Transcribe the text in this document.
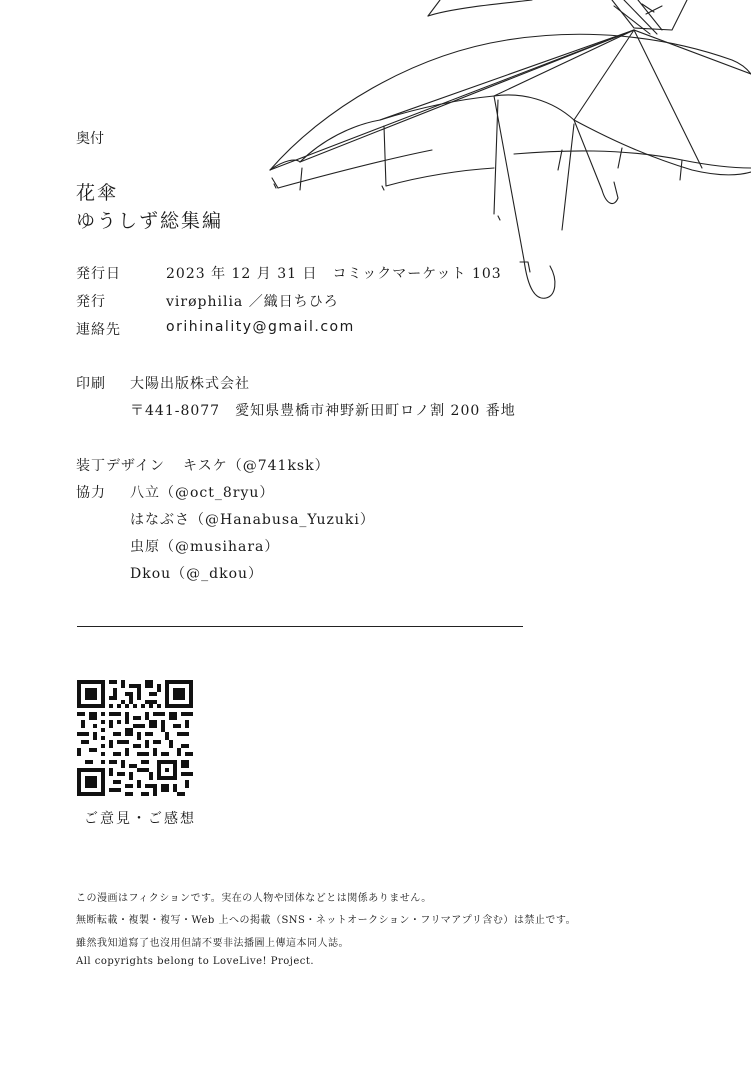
奥付
花傘
ゆうしず総集編
発行日	2023 年 12 月 31 日　コミックマーケット 103
発行	virøphilia ／織日ちひろ
連絡先	orihinality@gmail.com
印刷 大陽出版株式会社
〒441-8077　愛知県豊橋市神野新田町ロノ割 200 番地
装丁デザイン キスケ（@741ksk）
協力 八立（@oct_8ryu）
はなぶさ（@Hanabusa_Yuzuki）
虫原（@musihara）
Dkou（@_dkou）
ご意見・ご感想
この漫画はフィクションです。実在の人物や団体などとは関係ありません。
無断転載・複製・複写・Web 上への掲載（SNS・ネットオークション・フリマアプリ含む）は禁止です。
雖然我知道寫了也沒用但請不要非法播圖上傳這本同人誌。
All copyrights belong to LoveLive! Project.
